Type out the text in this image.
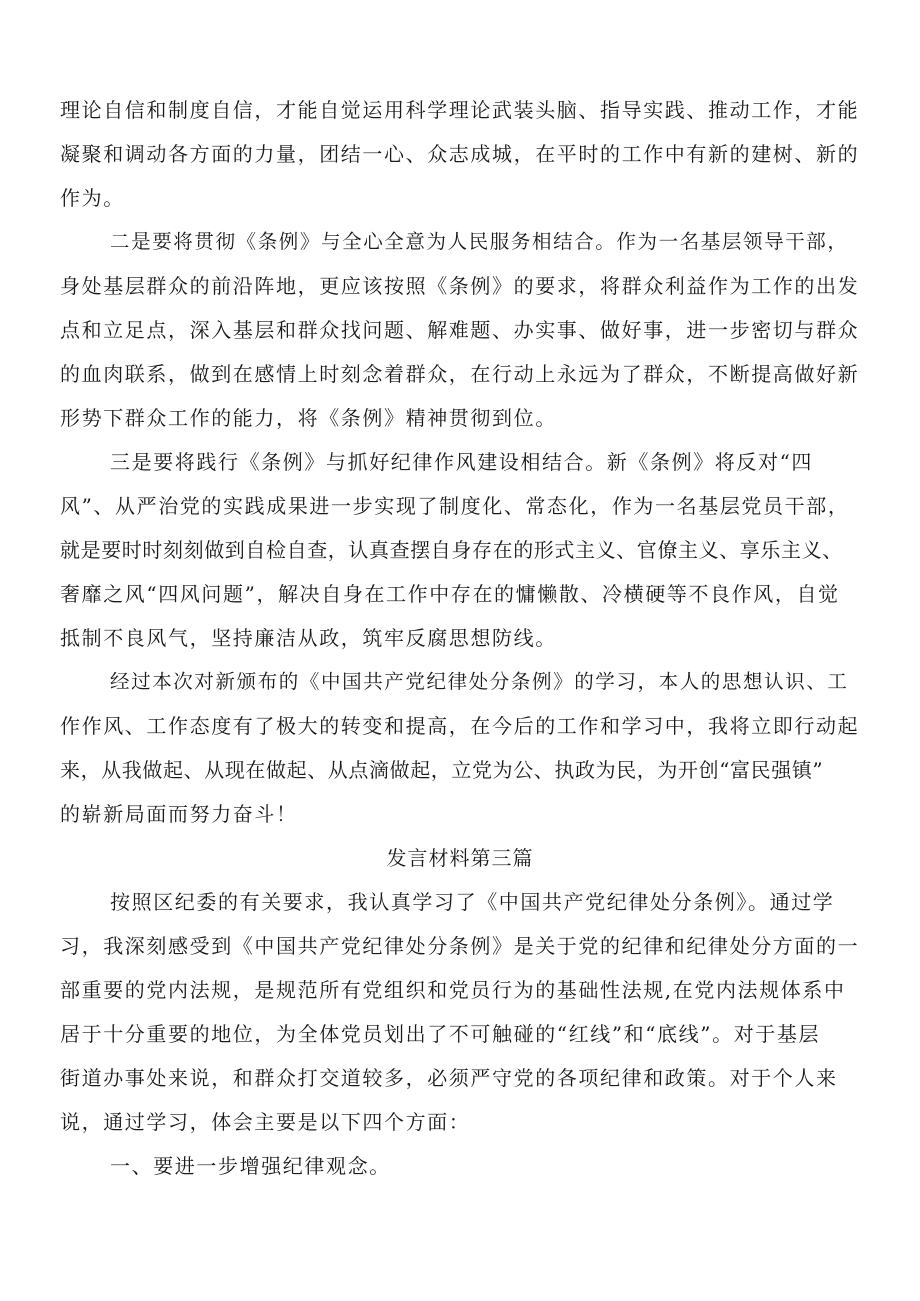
理论自信和制度自信，才能自觉运用科学理论武装头脑、指导实践、推动工作，才能
凝聚和调动各方面的力量，团结一心、众志成城，在平时的工作中有新的建树、新的
作为。
二是要将贯彻《条例》与全心全意为人民服务相结合。作为一名基层领导干部，
身处基层群众的前沿阵地，更应该按照《条例》的要求，将群众利益作为工作的出发
点和立足点，深入基层和群众找问题、解难题、办实事、做好事，进一步密切与群众
的血肉联系，做到在感情上时刻念着群众，在行动上永远为了群众，不断提高做好新
形势下群众工作的能力，将《条例》精神贯彻到位。
三是要将践行《条例》与抓好纪律作风建设相结合。新《条例》将反对“四
风”、从严治党的实践成果进一步实现了制度化、常态化，作为一名基层党员干部，
就是要时时刻刻做到自检自查，认真查摆自身存在的形式主义、官僚主义、享乐主义、
奢靡之风“四风问题”，解决自身在工作中存在的慵懒散、冷横硬等不良作风，自觉
抵制不良风气，坚持廉洁从政，筑牢反腐思想防线。
经过本次对新颁布的《中国共产党纪律处分条例》的学习，本人的思想认识、工
作作风、工作态度有了极大的转变和提高，在今后的工作和学习中，我将立即行动起
来，从我做起、从现在做起、从点滴做起，立党为公、执政为民，为开创“富民强镇”
的崭新局面而努力奋斗！
发言材料第三篇
按照区纪委的有关要求，我认真学习了《中国共产党纪律处分条例》。通过学
习，我深刻感受到《中国共产党纪律处分条例》是关于党的纪律和纪律处分方面的一
部重要的党内法规，是规范所有党组织和党员行为的基础性法规,在党内法规体系中
居于十分重要的地位，为全体党员划出了不可触碰的“红线”和“底线”。对于基层
街道办事处来说，和群众打交道较多，必须严守党的各项纪律和政策。对于个人来
说，通过学习，体会主要是以下四个方面：
一、要进一步增强纪律观念。
